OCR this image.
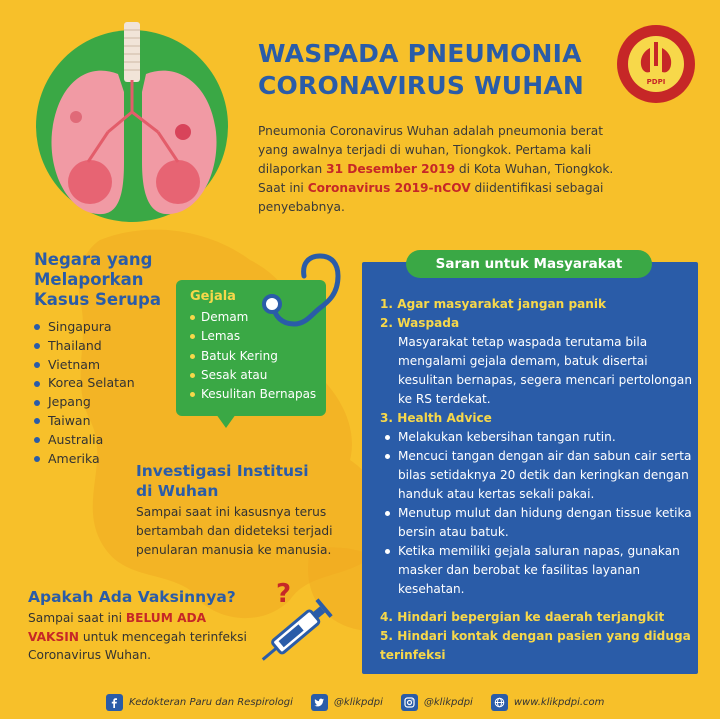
WASPADA PNEUMONIA
CORONAVIRUS WUHAN	PDPI
Pneumonia Coronavirus Wuhan adalah pneumonia berat yang awalnya terjadi di wuhan, Tiongkok. Pertama kali dilaporkan 31 Desember 2019 di Kota Wuhan, Tiongkok. Saat ini Coronavirus 2019-nCOV diidentifikasi sebagai penyebabnya.
Negara yang
Melaporkan
Kasus Serupa
Singapura
Thailand
Vietnam
Korea Selatan
Jepang
Taiwan
Australia
Amerika
Gejala
Demam
Lemas
Batuk Kering
Sesak atau
Kesulitan Bernapas
Investigasi Institusi
di Wuhan
Sampai saat ini kasusnya terus bertambah dan dideteksi terjadi penularan manusia ke manusia.
Apakah Ada Vaksinnya?
Sampai saat ini BELUM ADA VAKSIN untuk mencegah terinfeksi Coronavirus Wuhan.
?
Saran untuk Masyarakat
1. Agar masyarakat jangan panik
2. Waspada
Masyarakat tetap waspada terutama bila mengalami gejala demam, batuk disertai kesulitan bernapas, segera mencari pertolongan ke RS terdekat.
3. Health Advice
Melakukan kebersihan tangan rutin.
Mencuci tangan dengan air dan sabun cair serta bilas setidaknya 20 detik dan keringkan dengan handuk atau kertas sekali pakai.
Menutup mulut dan hidung dengan tissue ketika bersin atau batuk.
Ketika memiliki gejala saluran napas, gunakan masker dan berobat ke fasilitas layanan kesehatan.
4. Hindari bepergian ke daerah terjangkit
5. Hindari kontak dengan pasien yang diduga terinfeksi
Kedokteran Paru dan Respirologi	@klikpdpi	@klikpdpi	www.klikpdpi.com
